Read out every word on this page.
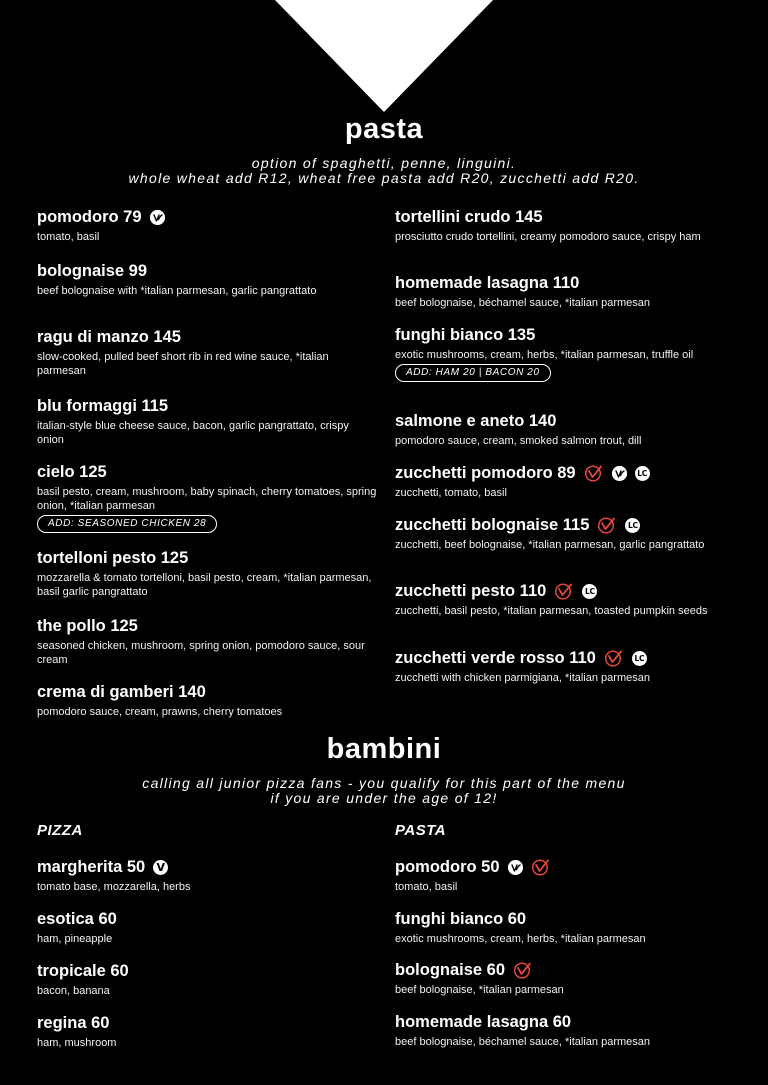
pasta
option of spaghetti, penne, linguini.
whole wheat add R12, wheat free pasta add R20, zucchetti add R20.
pomodoro 79
tomato, basil
bolognaise 99
beef bolognaise with *italian parmesan, garlic pangrattato
ragu di manzo 145
slow-cooked, pulled beef short rib in red wine sauce, *italian parmesan
blu formaggi 115
italian-style blue cheese sauce, bacon, garlic pangrattato, crispy onion
cielo 125
basil pesto, cream, mushroom, baby spinach, cherry tomatoes, spring onion, *italian parmesan
ADD: SEASONED CHICKEN 28
tortelloni pesto 125
mozzarella & tomato tortelloni, basil pesto, cream, *italian parmesan, basil garlic pangrattato
the pollo 125
seasoned chicken, mushroom, spring onion, pomodoro sauce, sour cream
crema di gamberi 140
pomodoro sauce, cream, prawns, cherry tomatoes
tortellini crudo 145
prosciutto crudo tortellini, creamy pomodoro sauce, crispy ham
homemade lasagna 110
beef bolognaise, béchamel sauce, *italian parmesan
funghi bianco 135
exotic mushrooms, cream, herbs, *italian parmesan, truffle oil
ADD: HAM 20 | BACON 20
salmone e aneto 140
pomodoro sauce, cream, smoked salmon trout, dill
zucchetti pomodoro 89	LC
zucchetti, tomato, basil
zucchetti bolognaise 115	LC
zucchetti, beef bolognaise, *italian parmesan, garlic pangrattato
zucchetti pesto 110	LC
zucchetti, basil pesto, *italian parmesan, toasted pumpkin seeds
zucchetti verde rosso 110	LC
zucchetti with chicken parmigiana, *italian parmesan
bambini
calling all junior pizza fans - you qualify for this part of the menu
if you are under the age of 12!
PIZZA	PASTA
margherita 50 V
tomato base, mozzarella, herbs
esotica 60
ham, pineapple
tropicale 60
bacon, banana
regina 60
ham, mushroom
pomodoro 50
tomato, basil
funghi bianco 60
exotic mushrooms, cream, herbs, *italian parmesan
bolognaise 60
beef bolognaise, *italian parmesan
homemade lasagna 60
beef bolognaise, béchamel sauce, *italian parmesan
